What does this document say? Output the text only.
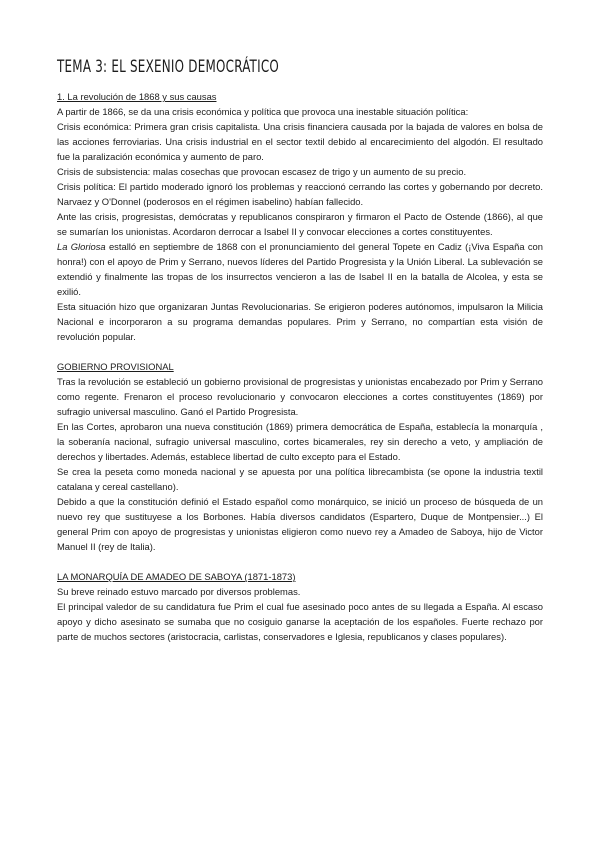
TEMA 3: EL SEXENIO DEMOCRÁTICO

1. La revolución de 1868 y sus causas

A partir de 1866, se da una crisis económica y política que provoca una inestable situación política:

Crisis económica: Primera gran crisis capitalista. Una crisis financiera causada por la bajada de valores en bolsa de las acciones ferroviarias. Una crisis industrial en el sector textil debido al encarecimiento del algodón. El resultado fue la paralización económica y aumento de paro.

Crisis de subsistencia: malas cosechas que provocan escasez de trigo y un aumento de su precio.

Crisis política: El partido moderado ignoró los problemas y reaccionó cerrando las cortes y gobernando por decreto. Narvaez y O'Donnel (poderosos en el régimen isabelino) habían fallecido.

Ante las crisis, progresistas, demócratas y republicanos conspiraron y firmaron el Pacto de Ostende (1866), al que se sumarían los unionistas. Acordaron derrocar a Isabel II y convocar elecciones a cortes constituyentes.

La Gloriosa estalló en septiembre de 1868 con el pronunciamiento del general Topete en Cadiz (¡Viva España con honra!) con el apoyo de Prim y Serrano, nuevos líderes del Partido Progresista y la Unión Liberal. La sublevación se extendió y finalmente las tropas de los insurrectos vencieron a las de Isabel II en la batalla de Alcolea, y esta se exilió.

Esta situación hizo que organizaran Juntas Revolucionarias. Se erigieron poderes autónomos, impulsaron la Milicia Nacional e incorporaron a su programa demandas populares. Prim y Serrano, no compartían esta visión de revolución popular.

GOBIERNO PROVISIONAL

Tras la revolución se estableció un gobierno provisional de progresistas y unionistas encabezado por Prim y Serrano como regente. Frenaron el proceso revolucionario y convocaron elecciones a cortes constituyentes (1869) por sufragio universal masculino. Ganó el Partido Progresista.

En las Cortes, aprobaron una nueva constitución (1869) primera democrática de España, establecía la monarquía , la soberanía nacional, sufragio universal masculino, cortes bicamerales, rey sin derecho a veto, y ampliación de derechos y libertades. Además, establece libertad de culto excepto para el Estado.

Se crea la peseta como moneda nacional y se apuesta por una política librecambista (se opone la industria textil catalana y cereal castellano).

Debido a que la constitución definió el Estado español como monárquico, se inició un proceso de búsqueda de un nuevo rey que sustituyese a los Borbones. Había diversos candidatos (Espartero, Duque de Montpensier...) El general Prim con apoyo de progresistas y unionistas eligieron como nuevo rey a Amadeo de Saboya, hijo de Victor Manuel II (rey de Italia).

LA MONARQUÍA DE AMADEO DE SABOYA (1871-1873)

Su breve reinado estuvo marcado por diversos problemas.

El principal valedor de su candidatura fue Prim el cual fue asesinado poco antes de su llegada a España. Al escaso apoyo y dicho asesinato se sumaba que no cosiguio ganarse la aceptación de los españoles. Fuerte rechazo por parte de muchos sectores (aristocracia, carlistas, conservadores e Iglesia, republicanos y clases populares).
